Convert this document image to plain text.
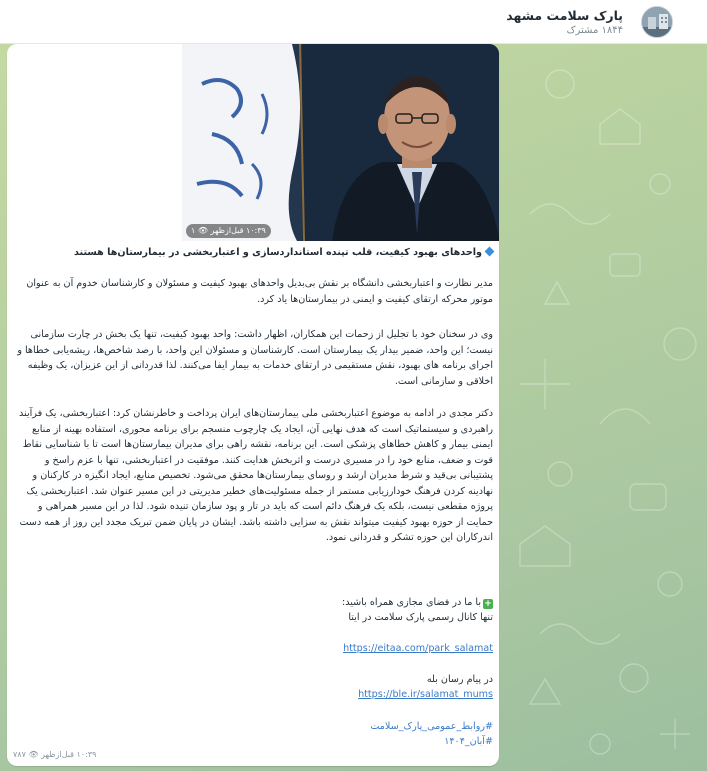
پارک سلامت مشهد
۱۸۴۴ مشترک
۱۰:۳۹ قبل‌ازظهر 👁 ۱
واحدهای بهبود کیفیت، قلب تپنده استانداردسازی و اعتباربخشی در بیمارستان‌ها هستند

مدیر نظارت و اعتباربخشی دانشگاه بر نقش بی‌بدیل واحدهای بهبود کیفیت و مسئولان و کارشناسان خدوم آن به عنوان موتور محرکه ارتقای کیفیت و ایمنی در بیمارستان‌ها یاد کرد.

وی در سخنان خود با تجلیل از زحمات این همکاران، اظهار داشت: واحد بهبود کیفیت، تنها یک بخش در چارت سازمانی نیست؛ این واحد، ضمیر بیدار یک بیمارستان است. کارشناسان و مسئولان این واحد، با رصد شاخص‌ها، ریشه‌یابی خطاها و اجرای برنامه های بهبود، نقش مستقیمی در ارتقای خدمات به بیمار ایفا می‌کنند. لذا قدردانی از این عزیزان، یک وظیفه اخلاقی و سازمانی است.

دکتر مجدی در ادامه به موضوع اعتباربخشی ملی بیمارستان‌های ایران پرداخت و خاطرنشان کرد: اعتباربخشی، یک فرآیند راهبردی و سیستماتیک است که هدف نهایی آن، ایجاد یک چارچوب منسجم برای برنامه محوری، استفاده بهینه از منابع ایمنی بیمار و کاهش خطاهای پزشکی است. این برنامه، نقشه راهی برای مدیران بیمارستان‌ها است تا با شناسایی نقاط قوت و ضعف، منابع خود را در مسیری درست و اثربخش هدایت کنند. موفقیت در اعتباربخشی، تنها با عزم راسخ و پشتیبانی بی‌قید و شرط مدیران ارشد و روسای بیمارستان‌ها محقق می‌شود. تخصیص منابع، ایجاد انگیزه در کارکنان و نهادینه کردن فرهنگ خودارزیابی مستمر از جمله مسئولیت‌های خطیر مدیریتی در این مسیر عنوان شد. اعتباربخشی یک پروژه مقطعی نیست، بلکه یک فرهنگ دائم است که باید در تار و پود سازمان تنیده شود. لذا در این مسیر همراهی و حمایت از حوزه بهبود کیفیت میتواند نقش به سزایی داشته باشد. ایشان در پایان ضمن تبریک مجدد این روز از همه دست اندرکاران این حوزه تشکر و قدردانی نمود.

+با ما در فضای مجازی همراه باشید:

تنها کانال رسمی پارک سلامت در ایتا

https://eitaa.com/park_salamat

در پیام رسان بله

https://ble.ir/salamat_mums

#روابط_عمومی_پارک_سلامت

#آبان_۱۴۰۴

۱۰:۳۹ قبل‌ازظهر 👁 ۷۸۷
